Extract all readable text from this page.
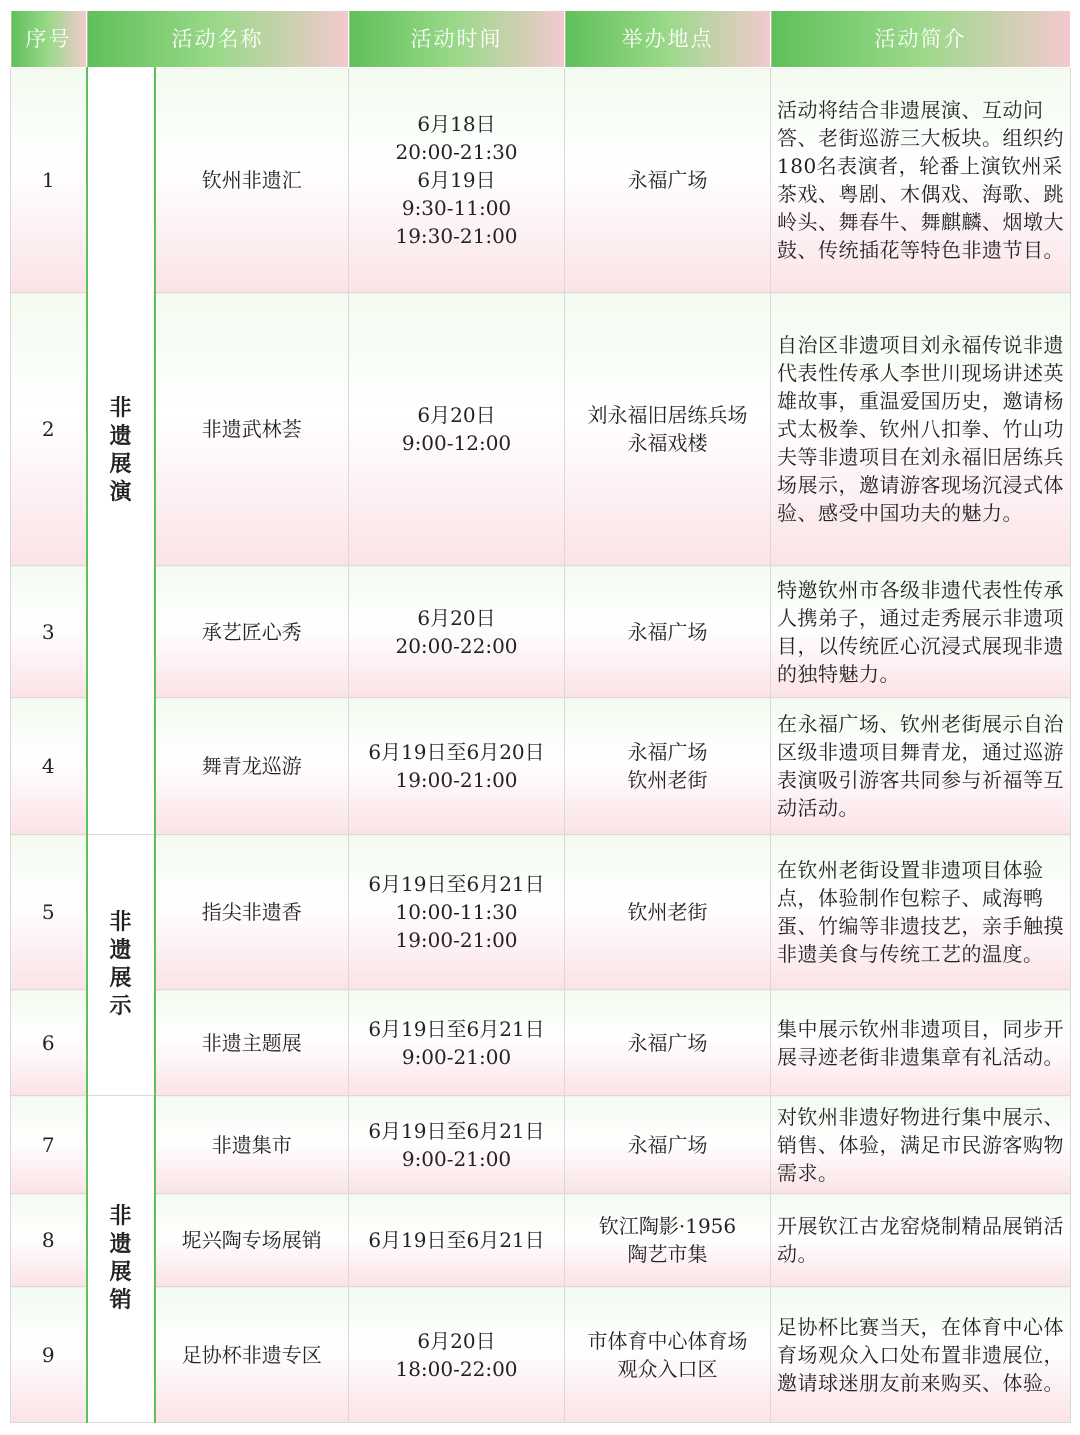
序号	活动名称		活动时间	举办地点	活动简介
1	非遗展演	钦州非遗汇	6月18日
20:00-21:30
6月19日
9:30-11:00
19:30-21:00	永福广场	活动将结合非遗展演、互动问答、老街巡游三大板块。组织约180名表演者，轮番上演钦州采茶戏、粤剧、木偶戏、海歌、跳岭头、舞春牛、舞麒麟、烟墩大鼓、传统插花等特色非遗节目。
2		非遗武林荟	6月20日
9:00-12:00	刘永福旧居练兵场
永福戏楼	自治区非遗项目刘永福传说非遗代表性传承人李世川现场讲述英雄故事，重温爱国历史，邀请杨式太极拳、钦州八扣拳、竹山功夫等非遗项目在刘永福旧居练兵场展示，邀请游客现场沉浸式体验、感受中国功夫的魅力。
3		承艺匠心秀	6月20日
20:00-22:00	永福广场	特邀钦州市各级非遗代表性传承人携弟子，通过走秀展示非遗项目，以传统匠心沉浸式展现非遗的独特魅力。
4		舞青龙巡游	6月19日至6月20日
19:00-21:00	永福广场
钦州老街	在永福广场、钦州老街展示自治区级非遗项目舞青龙，通过巡游表演吸引游客共同参与祈福等互动活动。
5	非遗展示	指尖非遗香	6月19日至6月21日
10:00-11:30
19:00-21:00	钦州老街	在钦州老街设置非遗项目体验点，体验制作包粽子、咸海鸭蛋、竹编等非遗技艺，亲手触摸非遗美食与传统工艺的温度。
6		非遗主题展	6月19日至6月21日
9:00-21:00	永福广场	集中展示钦州非遗项目，同步开展寻迹老街非遗集章有礼活动。
7	非遗展销	非遗集市	6月19日至6月21日
9:00-21:00	永福广场	对钦州非遗好物进行集中展示、销售、体验，满足市民游客购物需求。
8		坭兴陶专场展销	6月19日至6月21日	钦江陶影·1956
陶艺市集	开展钦江古龙窑烧制精品展销活动。
9		足协杯非遗专区	6月20日
18:00-22:00	市体育中心体育场
观众入口区	足协杯比赛当天，在体育中心体育场观众入口处布置非遗展位，邀请球迷朋友前来购买、体验。
